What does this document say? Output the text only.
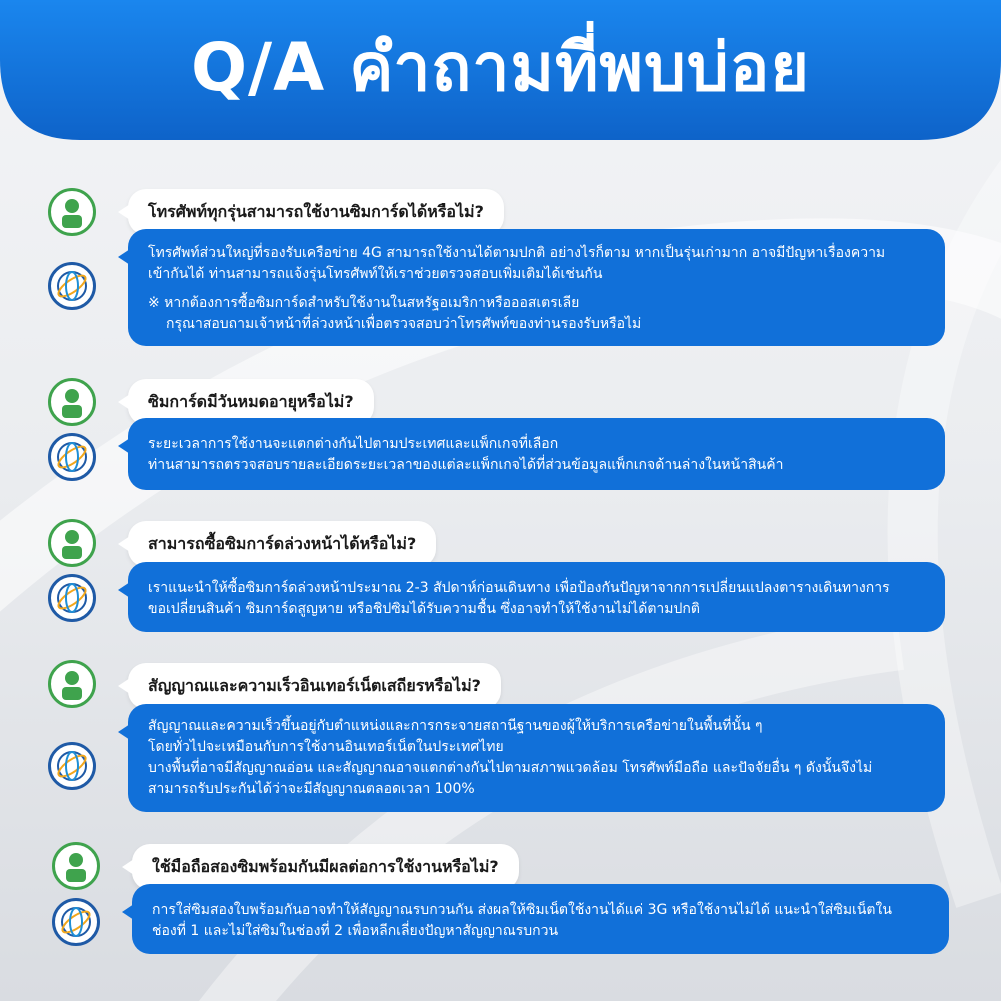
Q/A คำถามที่พบบ่อย
โทรศัพท์ทุกรุ่นสามารถใช้งานซิมการ์ดได้หรือไม่?
โทรศัพท์ส่วนใหญ่ที่รองรับเครือข่าย 4G สามารถใช้งานได้ตามปกติ อย่างไรก็ตาม หากเป็นรุ่นเก่ามาก อาจมีปัญหาเรื่องความ
เข้ากันได้ ท่านสามารถแจ้งรุ่นโทรศัพท์ให้เราช่วยตรวจสอบเพิ่มเติมได้เช่นกัน
※ หากต้องการซื้อซิมการ์ดสำหรับใช้งานในสหรัฐอเมริกาหรือออสเตรเลีย
กรุณาสอบถามเจ้าหน้าที่ล่วงหน้าเพื่อตรวจสอบว่าโทรศัพท์ของท่านรองรับหรือไม่
ซิมการ์ดมีวันหมดอายุหรือไม่?
ระยะเวลาการใช้งานจะแตกต่างกันไปตามประเทศและแพ็กเกจที่เลือก
ท่านสามารถตรวจสอบรายละเอียดระยะเวลาของแต่ละแพ็กเกจได้ที่ส่วนข้อมูลแพ็กเกจด้านล่างในหน้าสินค้า
สามารถซื้อซิมการ์ดล่วงหน้าได้หรือไม่?
เราแนะนำให้ซื้อซิมการ์ดล่วงหน้าประมาณ 2-3 สัปดาห์ก่อนเดินทาง เพื่อป้องกันปัญหาจากการเปลี่ยนแปลงตารางเดินทางการ
ขอเปลี่ยนสินค้า ซิมการ์ดสูญหาย หรือชิปซิมได้รับความชื้น ซึ่งอาจทำให้ใช้งานไม่ได้ตามปกติ
สัญญาณและความเร็วอินเทอร์เน็ตเสถียรหรือไม่?
สัญญาณและความเร็วขึ้นอยู่กับตำแหน่งและการกระจายสถานีฐานของผู้ให้บริการเครือข่ายในพื้นที่นั้น ๆ
โดยทั่วไปจะเหมือนกับการใช้งานอินเทอร์เน็ตในประเทศไทย
บางพื้นที่อาจมีสัญญาณอ่อน และสัญญาณอาจแตกต่างกันไปตามสภาพแวดล้อม โทรศัพท์มือถือ และปัจจัยอื่น ๆ ดังนั้นจึงไม่
สามารถรับประกันได้ว่าจะมีสัญญาณตลอดเวลา 100%
ใช้มือถือสองซิมพร้อมกันมีผลต่อการใช้งานหรือไม่?
การใส่ซิมสองใบพร้อมกันอาจทำให้สัญญาณรบกวนกัน ส่งผลให้ซิมเน็ตใช้งานได้แค่ 3G หรือใช้งานไม่ได้ แนะนำใส่ซิมเน็ตใน
ช่องที่ 1 และไม่ใส่ซิมในช่องที่ 2 เพื่อหลีกเลี่ยงปัญหาสัญญาณรบกวน
